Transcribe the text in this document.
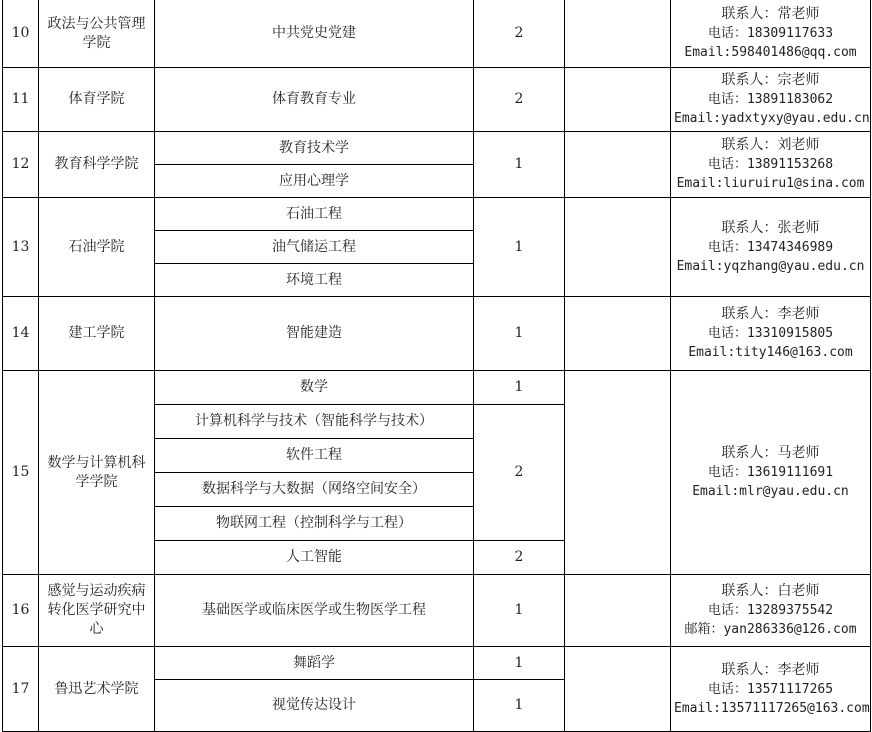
10	政法与公共管理学院	中共党史党建	2		联系人：常老师
电话：18309117633
Email:598401486@qq.com

11	体育学院	体育教育专业	2		联系人：宗老师
电话：13891183062
Email:yadxtyxy@yau.edu.cn

12	教育科学学院	教育技术学	1		联系人：刘老师
电话：13891153268
Email:liuruiru1@sina.com

		应用心理学			
13	石油学院	石油工程	1		联系人：张老师
电话：13474346989
Email:yqzhang@yau.edu.cn

		油气储运工程			
		环境工程			
14	建工学院	智能建造	1		联系人：李老师
电话：13310915805
Email:tity146@163.com

15	数学与计算机科学学院	数学	1		联系人：马老师
电话：13619111691
Email:mlr@yau.edu.cn

		计算机科学与技术（智能科学与技术）	2		
		软件工程			
		数据科学与大数据（网络空间安全）			
		物联网工程（控制科学与工程）			
		人工智能	2		
16	感觉与运动疾病转化医学研究中心	基础医学或临床医学或生物医学工程	1		联系人：白老师
电话：13289375542
邮箱：yan286336@126.com

17	鲁迅艺术学院	舞蹈学	1		联系人：李老师
电话：13571117265
Email:13571117265@163.com

		视觉传达设计	1		
